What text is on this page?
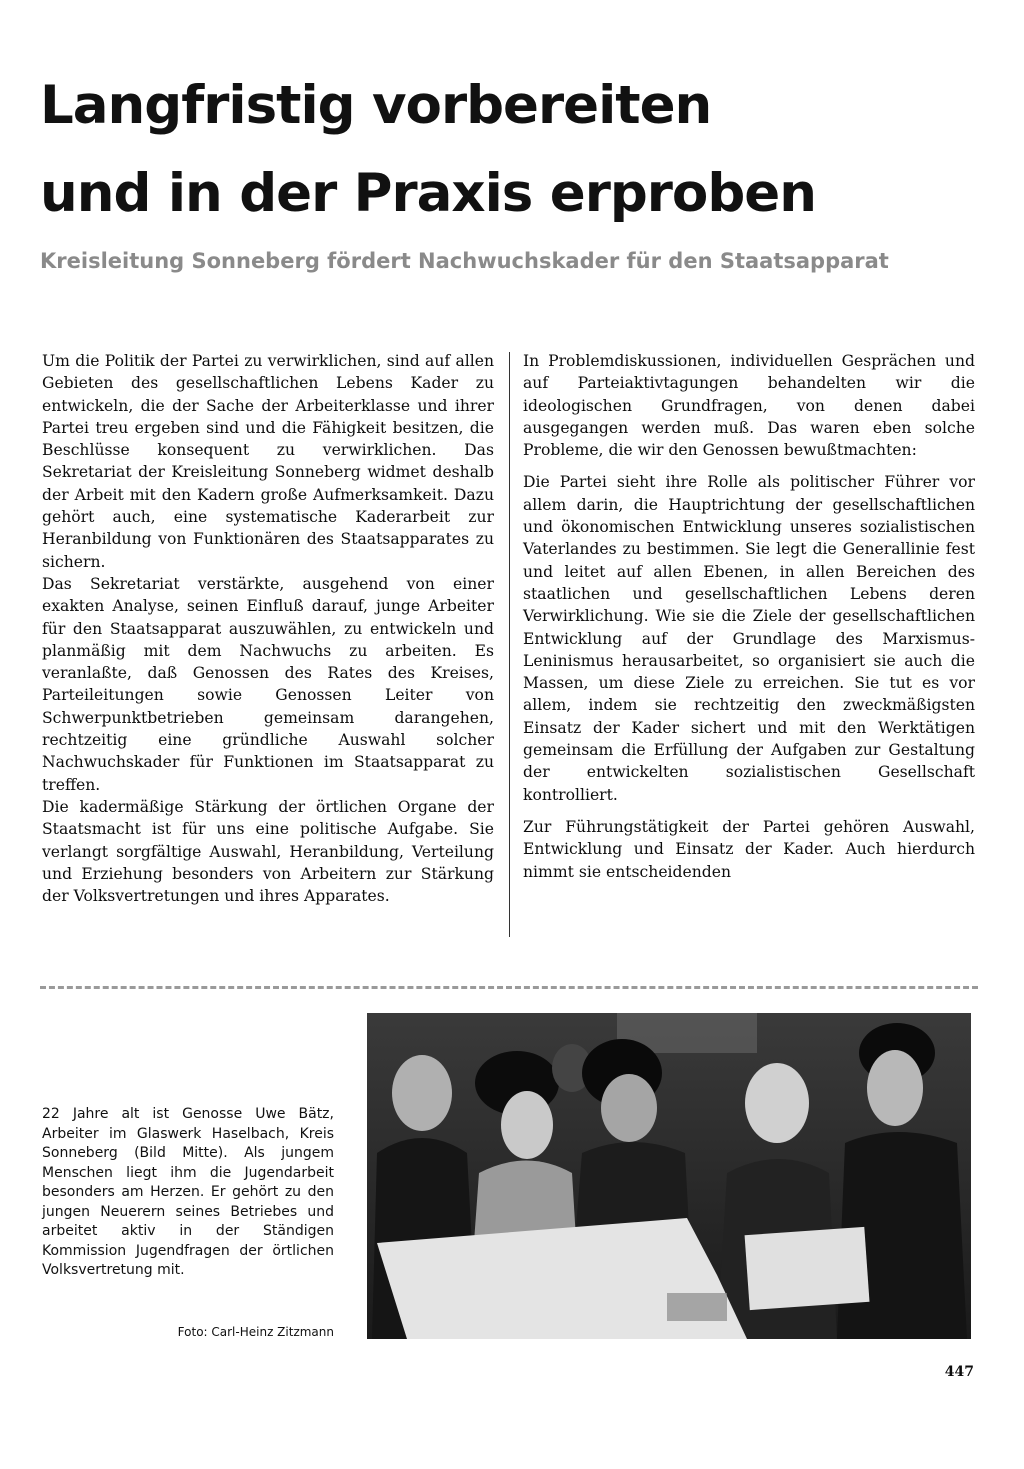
Langfristig vorbereiten
und in der Praxis erproben
Kreisleitung Sonneberg fördert Nachwuchskader für den Staatsapparat

Um die Politik der Partei zu verwirklichen, sind auf allen Gebieten des gesellschaftlichen Lebens Kader zu entwickeln, die der Sache der Arbeiterklasse und ihrer Partei treu ergeben sind und die Fähigkeit besitzen, die Beschlüsse konsequent zu verwirklichen. Das Sekretariat der Kreisleitung Sonneberg widmet deshalb der Arbeit mit den Kadern große Aufmerksamkeit. Dazu gehört auch, eine systematische Kaderarbeit zur Heranbildung von Funktionären des Staatsapparates zu sichern.

Das Sekretariat verstärkte, ausgehend von einer exakten Analyse, seinen Einfluß darauf, junge Arbeiter für den Staatsapparat auszuwählen, zu entwickeln und planmäßig mit dem Nachwuchs zu arbeiten. Es veranlaßte, daß Genossen des Rates des Kreises, Parteileitungen sowie Genossen Leiter von Schwerpunktbetrieben gemeinsam darangehen, rechtzeitig eine gründliche Auswahl solcher Nachwuchskader für Funktionen im Staatsapparat zu treffen.

Die kadermäßige Stärkung der örtlichen Organe der Staatsmacht ist für uns eine politische Aufgabe. Sie verlangt sorgfältige Auswahl, Heranbildung, Verteilung und Erziehung besonders von Arbeitern zur Stärkung der Volksvertretungen und ihres Apparates.

In Problemdiskussionen, individuellen Gesprächen und auf Parteiaktivtagungen behandelten wir die ideologischen Grundfragen, von denen dabei ausgegangen werden muß. Das waren eben solche Probleme, die wir den Genossen bewußtmachten:

Die Partei sieht ihre Rolle als politischer Führer vor allem darin, die Hauptrichtung der gesellschaftlichen und ökonomischen Entwicklung unseres sozialistischen Vaterlandes zu bestimmen. Sie legt die Generallinie fest und leitet auf allen Ebenen, in allen Bereichen des staatlichen und gesellschaftlichen Lebens deren Verwirklichung. Wie sie die Ziele der gesellschaftlichen Entwicklung auf der Grundlage des Marxismus-Leninismus herausarbeitet, so organisiert sie auch die Massen, um diese Ziele zu erreichen. Sie tut es vor allem, indem sie rechtzeitig den zweckmäßigsten Einsatz der Kader sichert und mit den Werktätigen gemeinsam die Erfüllung der Aufgaben zur Gestaltung der entwickelten sozialistischen Gesellschaft kontrolliert.

Zur Führungstätigkeit der Partei gehören Auswahl, Entwicklung und Einsatz der Kader. Auch hierdurch nimmt sie entscheidenden

22 Jahre alt ist Genosse Uwe Bätz, Arbeiter im Glaswerk Haselbach, Kreis Sonneberg (Bild Mitte). Als jungem Menschen liegt ihm die Jugendarbeit besonders am Herzen. Er gehört zu den jungen Neuerern seines Betriebes und arbeitet aktiv in der Ständigen Kommission Jugendfragen der örtlichen Volksvertretung mit.

Foto: Carl-Heinz Zitzmann
447
